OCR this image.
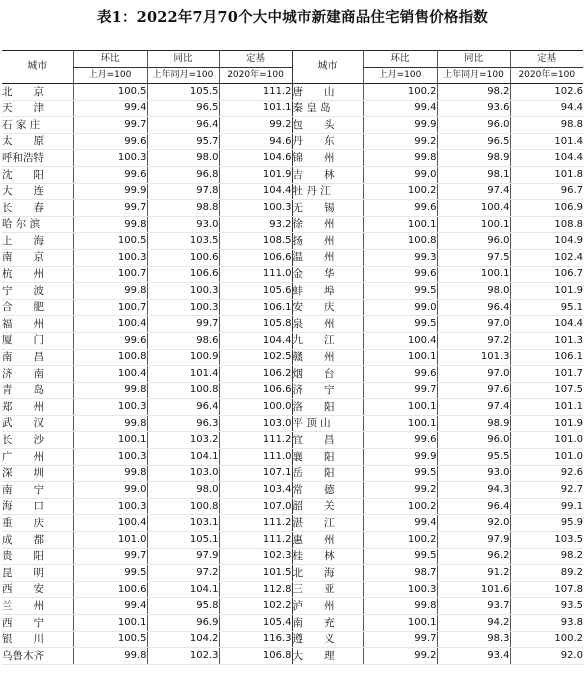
表1：2022年7月70个大中城市新建商品住宅销售价格指数
城市	环比	同比	定基	城市	环比	同比	定基
	上月=100	上年同月=100	2020年=100		上月=100	上年同月=100	2020年=100
北　　京	100.5	105.5	111.2	唐　　山	100.2	98.2	102.6
天　　津	99.4	96.5	101.1	秦 皇 岛	99.4	93.6	94.4
石 家 庄	99.7	96.4	99.2	包　　头	99.9	96.0	98.8
太　　原	99.6	95.7	94.6	丹　　东	99.2	96.5	101.4
呼和浩特	100.3	98.0	104.6	锦　　州	99.8	98.9	104.4
沈　　阳	99.6	96.8	101.9	吉　　林	99.0	98.1	101.8
大　　连	99.9	97.8	104.4	牡 丹 江	100.2	97.4	96.7
长　　春	99.7	98.8	100.3	无　　锡	99.6	100.4	106.9
哈 尔 滨	99.8	93.0	93.2	徐　　州	100.1	100.1	108.8
上　　海	100.5	103.5	108.5	扬　　州	100.8	96.0	104.9
南　　京	100.3	100.6	106.6	温　　州	99.3	97.5	102.4
杭　　州	100.7	106.6	111.0	金　　华	99.6	100.1	106.7
宁　　波	99.8	100.3	105.6	蚌　　埠	99.5	98.0	101.9
合　　肥	100.7	100.3	106.1	安　　庆	99.0	96.4	95.1
福　　州	100.4	99.7	105.8	泉　　州	99.5	97.0	104.4
厦　　门	99.6	98.6	104.4	九　　江	100.4	97.2	101.3
南　　昌	100.8	100.9	102.5	赣　　州	100.1	101.3	106.1
济　　南	100.4	101.4	106.2	烟　　台	99.6	97.0	101.7
青　　岛	99.8	100.8	106.6	济　　宁	99.7	97.6	107.5
郑　　州	100.3	96.4	100.0	洛　　阳	100.1	97.4	101.1
武　　汉	99.8	96.3	103.0	平 顶 山	100.1	98.9	101.9
长　　沙	100.1	103.2	111.2	宜　　昌	99.6	96.0	101.0
广　　州	100.3	104.1	111.0	襄　　阳	99.9	95.5	101.0
深　　圳	99.8	103.0	107.1	岳　　阳	99.5	93.0	92.6
南　　宁	99.0	98.0	103.4	常　　德	99.2	94.3	92.7
海　　口	100.3	100.8	107.0	韶　　关	100.2	96.4	99.1
重　　庆	100.4	103.1	111.2	湛　　江	99.4	92.0	95.9
成　　都	101.0	105.1	111.2	惠　　州	100.2	97.9	103.5
贵　　阳	99.7	97.9	102.3	桂　　林	99.5	96.2	98.2
昆　　明	99.5	97.2	101.5	北　　海	98.7	91.2	89.2
西　　安	100.6	104.1	112.8	三　　亚	100.3	101.6	107.8
兰　　州	99.4	95.8	102.2	泸　　州	99.8	93.7	93.5
西　　宁	100.1	96.9	105.4	南　　充	100.1	94.2	93.8
银　　川	100.5	104.2	116.3	遵　　义	99.7	98.3	100.2
乌鲁木齐	99.8	102.3	106.8	大　　理	99.2	93.4	92.0
